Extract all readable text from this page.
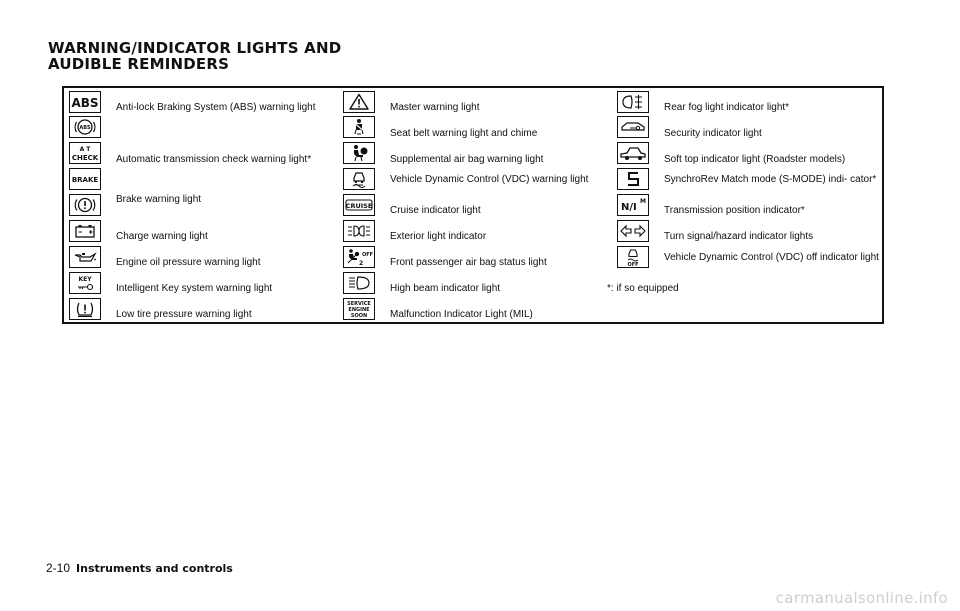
WARNING/INDICATOR LIGHTS AND
AUDIBLE REMINDERS
ABS Anti-lock Braking System (ABS) warning light
ABS
A T
CHECK Automatic transmission check warning light*
BRAKE
Brake warning light
Charge warning light
Engine oil pressure warning light
KEY
Intelligent Key system warning light
Low tire pressure warning light
Master warning light
Seat belt warning light and chime
Supplemental air bag warning light
Vehicle Dynamic Control (VDC) warning light
CRUISE Cruise indicator light
Exterior light indicator
2
OFF
Front passenger air bag status light
High beam indicator light
SERVICE
ENGINE
SOON Malfunction Indicator Light (MIL)
Rear fog light indicator light*
Security indicator light
Soft top indicator light (Roadster models)
SynchroRev Match mode (S-MODE) indi- cator*
N/I
M
Transmission position indicator*
Turn signal/hazard indicator lights
OFF
Vehicle Dynamic Control (VDC) off indicator light
*: if so equipped
2-10 Instruments and controls
carmanualsonline.info
